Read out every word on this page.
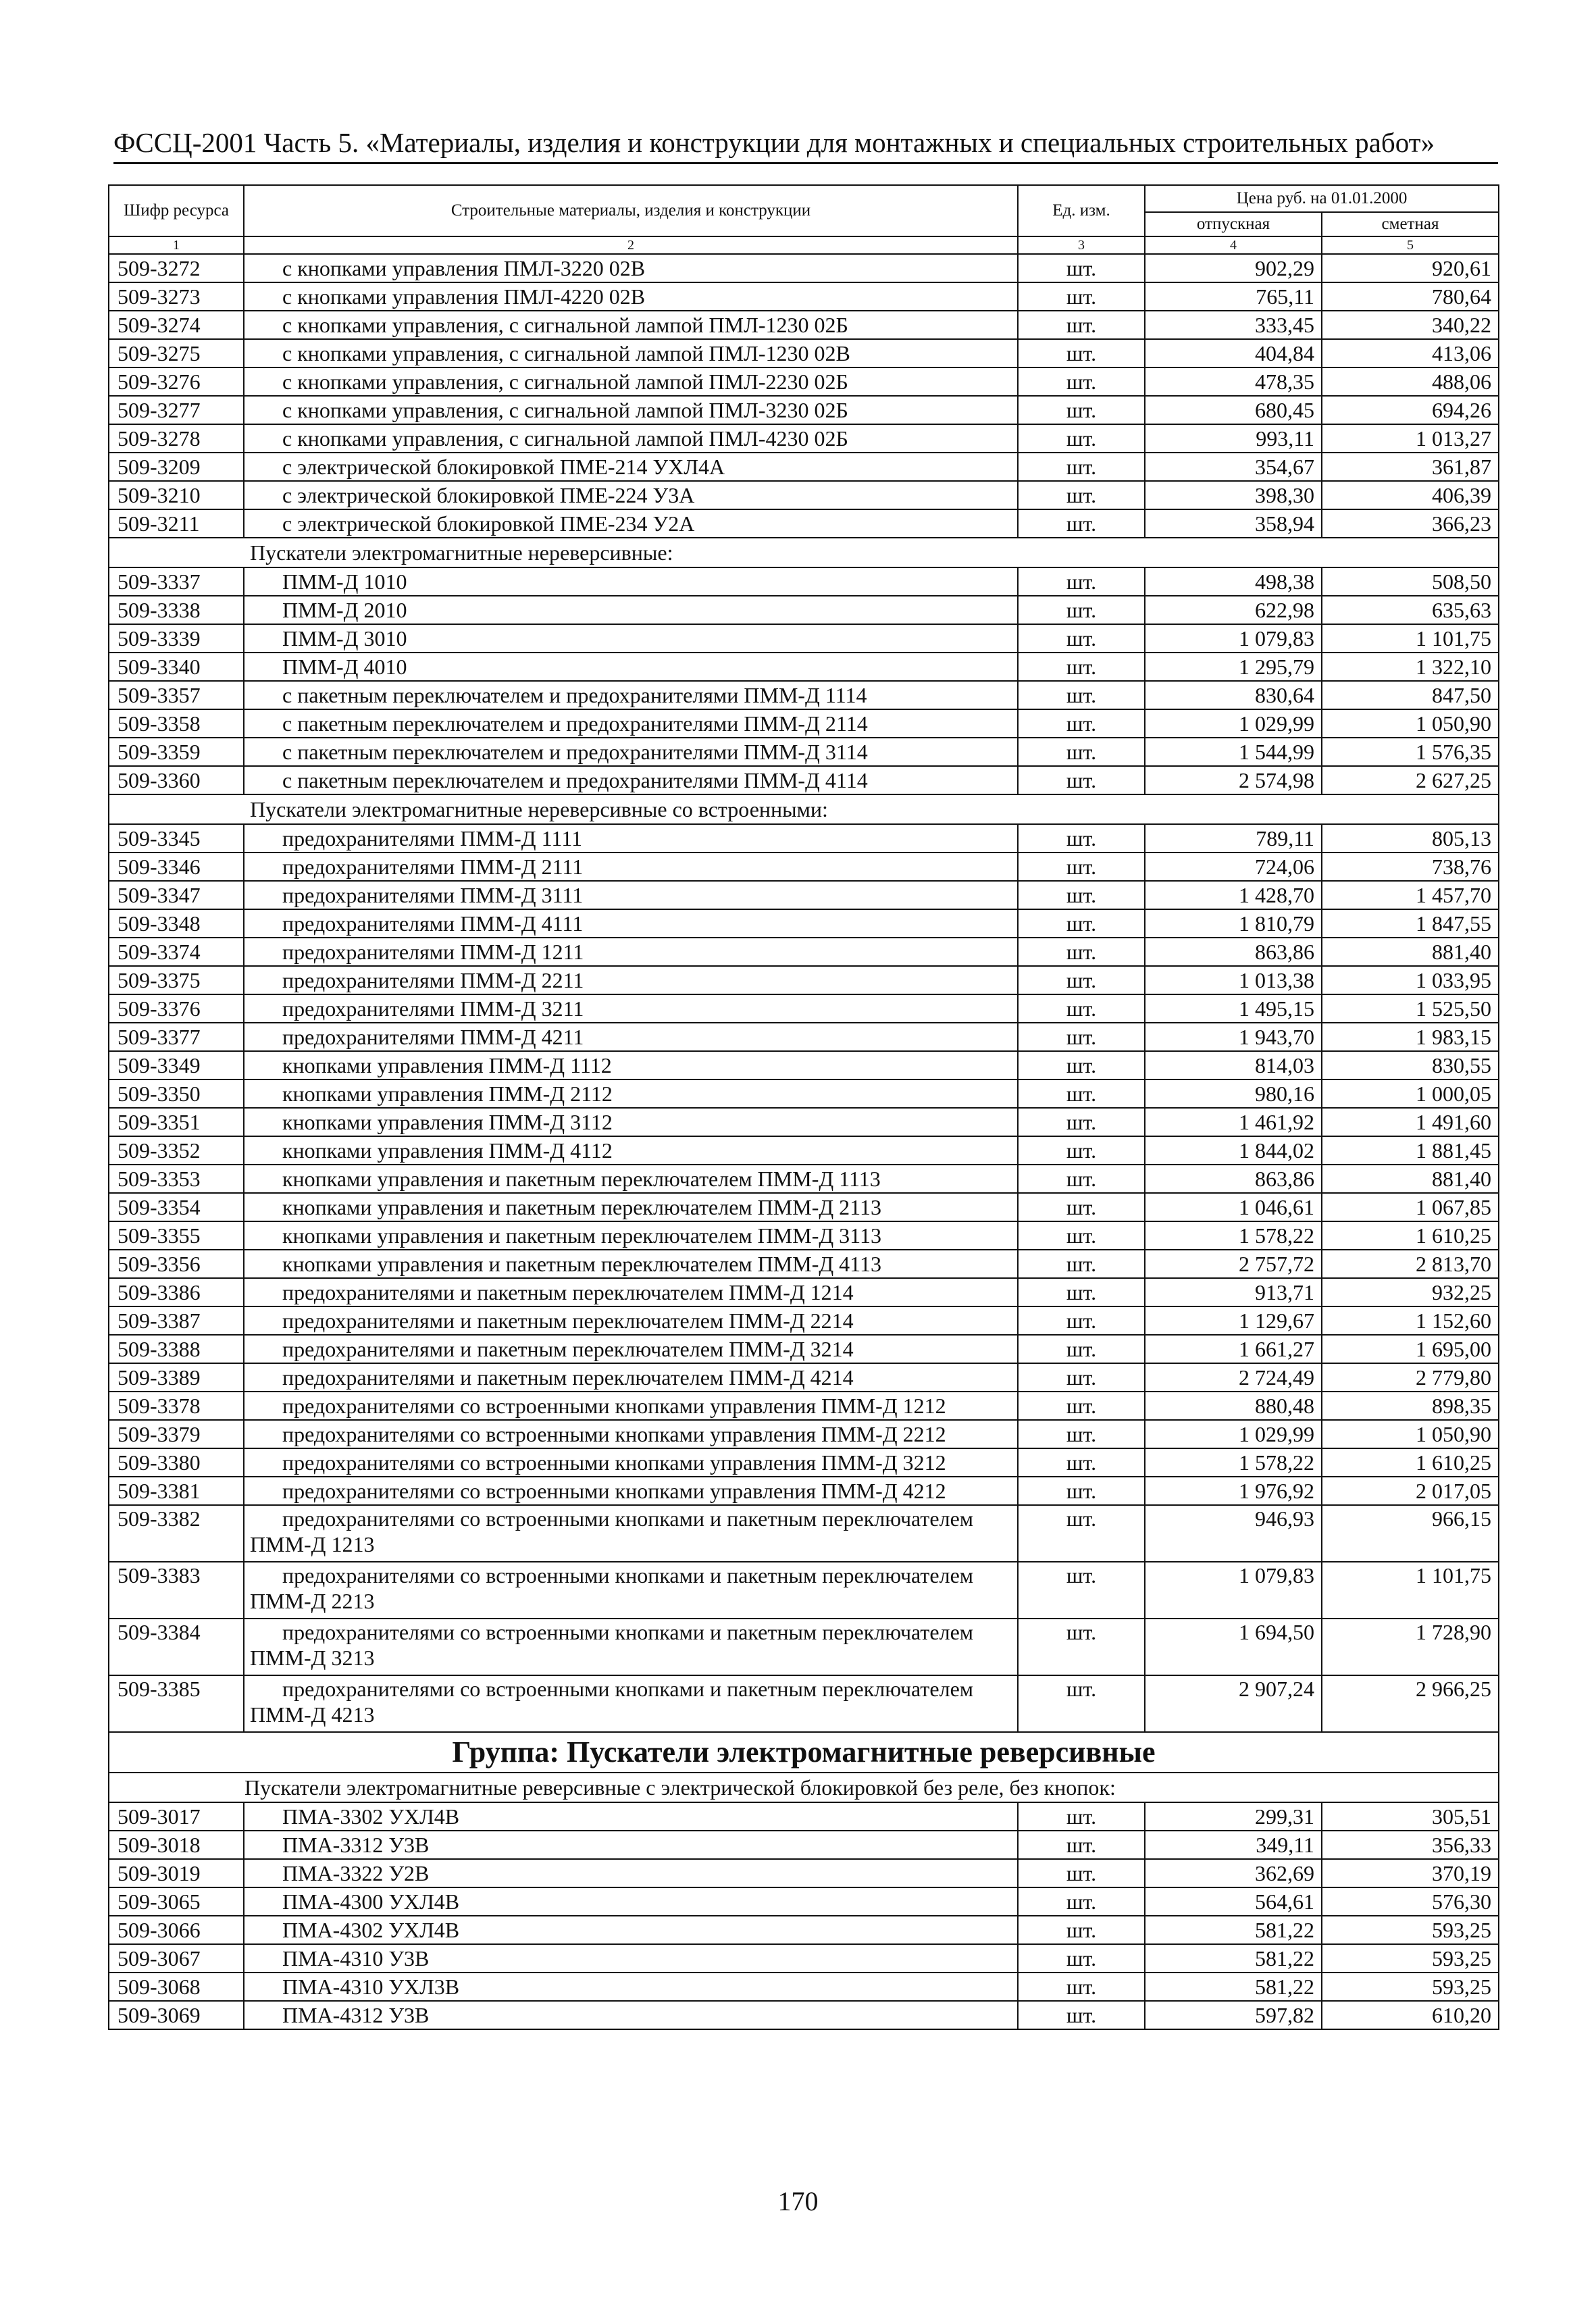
ФССЦ-2001 Часть 5. «Материалы, изделия и конструкции для монтажных и специальных строительных работ»
Шифр ресурса	Строительные материалы, изделия и конструкции	Ед. изм.	Цена руб. на 01.01.2000	
			отпускная	сметная
1	2	3	4	5
509-3272	с кнопками управления ПМЛ-3220 02В	шт.	902,29	920,61
509-3273	с кнопками управления ПМЛ-4220 02В	шт.	765,11	780,64
509-3274	с кнопками управления, с сигнальной лампой ПМЛ-1230 02Б	шт.	333,45	340,22
509-3275	с кнопками управления, с сигнальной лампой ПМЛ-1230 02В	шт.	404,84	413,06
509-3276	с кнопками управления, с сигнальной лампой ПМЛ-2230 02Б	шт.	478,35	488,06
509-3277	с кнопками управления, с сигнальной лампой ПМЛ-3230 02Б	шт.	680,45	694,26
509-3278	с кнопками управления, с сигнальной лампой ПМЛ-4230 02Б	шт.	993,11	1 013,27
509-3209	с электрической блокировкой ПМЕ-214 УХЛ4А	шт.	354,67	361,87
509-3210	с электрической блокировкой ПМЕ-224 У3А	шт.	398,30	406,39
509-3211	с электрической блокировкой ПМЕ-234 У2А	шт.	358,94	366,23
Пускатели электромагнитные нереверсивные:				
509-3337	ПММ-Д 1010	шт.	498,38	508,50
509-3338	ПММ-Д 2010	шт.	622,98	635,63
509-3339	ПММ-Д 3010	шт.	1 079,83	1 101,75
509-3340	ПММ-Д 4010	шт.	1 295,79	1 322,10
509-3357	с пакетным переключателем и предохранителями ПММ-Д 1114	шт.	830,64	847,50
509-3358	с пакетным переключателем и предохранителями ПММ-Д 2114	шт.	1 029,99	1 050,90
509-3359	с пакетным переключателем и предохранителями ПММ-Д 3114	шт.	1 544,99	1 576,35
509-3360	с пакетным переключателем и предохранителями ПММ-Д 4114	шт.	2 574,98	2 627,25
Пускатели электромагнитные нереверсивные со встроенными:				
509-3345	предохранителями ПММ-Д 1111	шт.	789,11	805,13
509-3346	предохранителями ПММ-Д 2111	шт.	724,06	738,76
509-3347	предохранителями ПММ-Д 3111	шт.	1 428,70	1 457,70
509-3348	предохранителями ПММ-Д 4111	шт.	1 810,79	1 847,55
509-3374	предохранителями ПММ-Д 1211	шт.	863,86	881,40
509-3375	предохранителями ПММ-Д 2211	шт.	1 013,38	1 033,95
509-3376	предохранителями ПММ-Д 3211	шт.	1 495,15	1 525,50
509-3377	предохранителями ПММ-Д 4211	шт.	1 943,70	1 983,15
509-3349	кнопками управления ПММ-Д 1112	шт.	814,03	830,55
509-3350	кнопками управления ПММ-Д 2112	шт.	980,16	1 000,05
509-3351	кнопками управления ПММ-Д 3112	шт.	1 461,92	1 491,60
509-3352	кнопками управления ПММ-Д 4112	шт.	1 844,02	1 881,45
509-3353	кнопками управления и пакетным переключателем ПММ-Д 1113	шт.	863,86	881,40
509-3354	кнопками управления и пакетным переключателем ПММ-Д 2113	шт.	1 046,61	1 067,85
509-3355	кнопками управления и пакетным переключателем ПММ-Д 3113	шт.	1 578,22	1 610,25
509-3356	кнопками управления и пакетным переключателем ПММ-Д 4113	шт.	2 757,72	2 813,70
509-3386	предохранителями и пакетным переключателем ПММ-Д 1214	шт.	913,71	932,25
509-3387	предохранителями и пакетным переключателем ПММ-Д 2214	шт.	1 129,67	1 152,60
509-3388	предохранителями и пакетным переключателем ПММ-Д 3214	шт.	1 661,27	1 695,00
509-3389	предохранителями и пакетным переключателем ПММ-Д 4214	шт.	2 724,49	2 779,80
509-3378	предохранителями со встроенными кнопками управления ПММ-Д 1212	шт.	880,48	898,35
509-3379	предохранителями со встроенными кнопками управления ПММ-Д 2212	шт.	1 029,99	1 050,90
509-3380	предохранителями со встроенными кнопками управления ПММ-Д 3212	шт.	1 578,22	1 610,25
509-3381	предохранителями со встроенными кнопками управления ПММ-Д 4212	шт.	1 976,92	2 017,05
509-3382	предохранителями со встроенными кнопками и пакетным переключателем ПММ-Д 1213	шт.	946,93	966,15
509-3383	предохранителями со встроенными кнопками и пакетным переключателем ПММ-Д 2213	шт.	1 079,83	1 101,75
509-3384	предохранителями со встроенными кнопками и пакетным переключателем ПММ-Д 3213	шт.	1 694,50	1 728,90
509-3385	предохранителями со встроенными кнопками и пакетным переключателем ПММ-Д 4213	шт.	2 907,24	2 966,25
Группа: Пускатели электромагнитные реверсивные				
Пускатели электромагнитные реверсивные с электрической блокировкой без реле, без кнопок:				
509-3017	ПМА-3302 УХЛ4В	шт.	299,31	305,51
509-3018	ПМА-3312 У3В	шт.	349,11	356,33
509-3019	ПМА-3322 У2В	шт.	362,69	370,19
509-3065	ПМА-4300 УХЛ4В	шт.	564,61	576,30
509-3066	ПМА-4302 УХЛ4В	шт.	581,22	593,25
509-3067	ПМА-4310 У3В	шт.	581,22	593,25
509-3068	ПМА-4310 УХЛ3В	шт.	581,22	593,25
509-3069	ПМА-4312 У3В	шт.	597,82	610,20
170
